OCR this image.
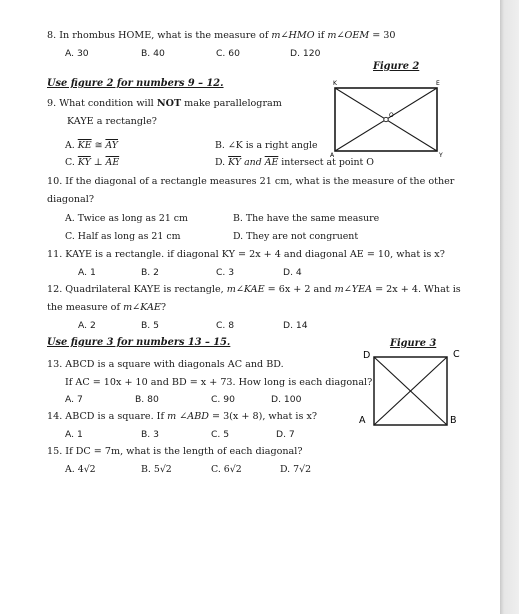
8. In rhombus HOME, what is the measure of m∠HMO if m∠OEM = 30
A. 30	B. 40	C. 60	D. 120
Figure 2
Use figure 2 for numbers 9 – 12.	K	E
O
A	Y
9. What condition will NOT make parallelogram
KAYE a rectangle?
A. $\overline{KE}$ ≅ $\overline{AY}$	B. ∠K is a right angle
C. $\overline{KY}$ ⊥ $\overline{AE}$	D. $\overline{KY}$ and $\overline{AE}$ intersect at point O
10. If the diagonal of a rectangle measures 21 cm, what is the measure of the other
diagonal?
A. Twice as long as 21 cm	B. The have the same measure
C. Half as long as 21 cm	D. They are not congruent
11. KAYE is a rectangle. if diagonal KY = 2x + 4 and diagonal AE = 10, what is x?
A. 1	B. 2	C. 3	D. 4
12. Quadrilateral KAYE is rectangle, m∠KAE = 6x + 2 and m∠YEA = 2x + 4. What is
the measure of m∠KAE?
A. 2	B. 5	C. 8	D. 14
Use figure 3 for numbers 13 – 15.	Figure 3
D	C
A	B
13. ABCD is a square with diagonals AC and BD.
If AC = 10x + 10 and BD = x + 73. How long is each diagonal?
A. 7	B. 80	C. 90	D. 100
14. ABCD is a square. If m ∠ABD = 3(x + 8), what is x?
A. 1	B. 3	C. 5	D. 7
15. If DC = 7m, what is the length of each diagonal?
A. 4√2	B. 5√2	C. 6√2	D. 7√2
